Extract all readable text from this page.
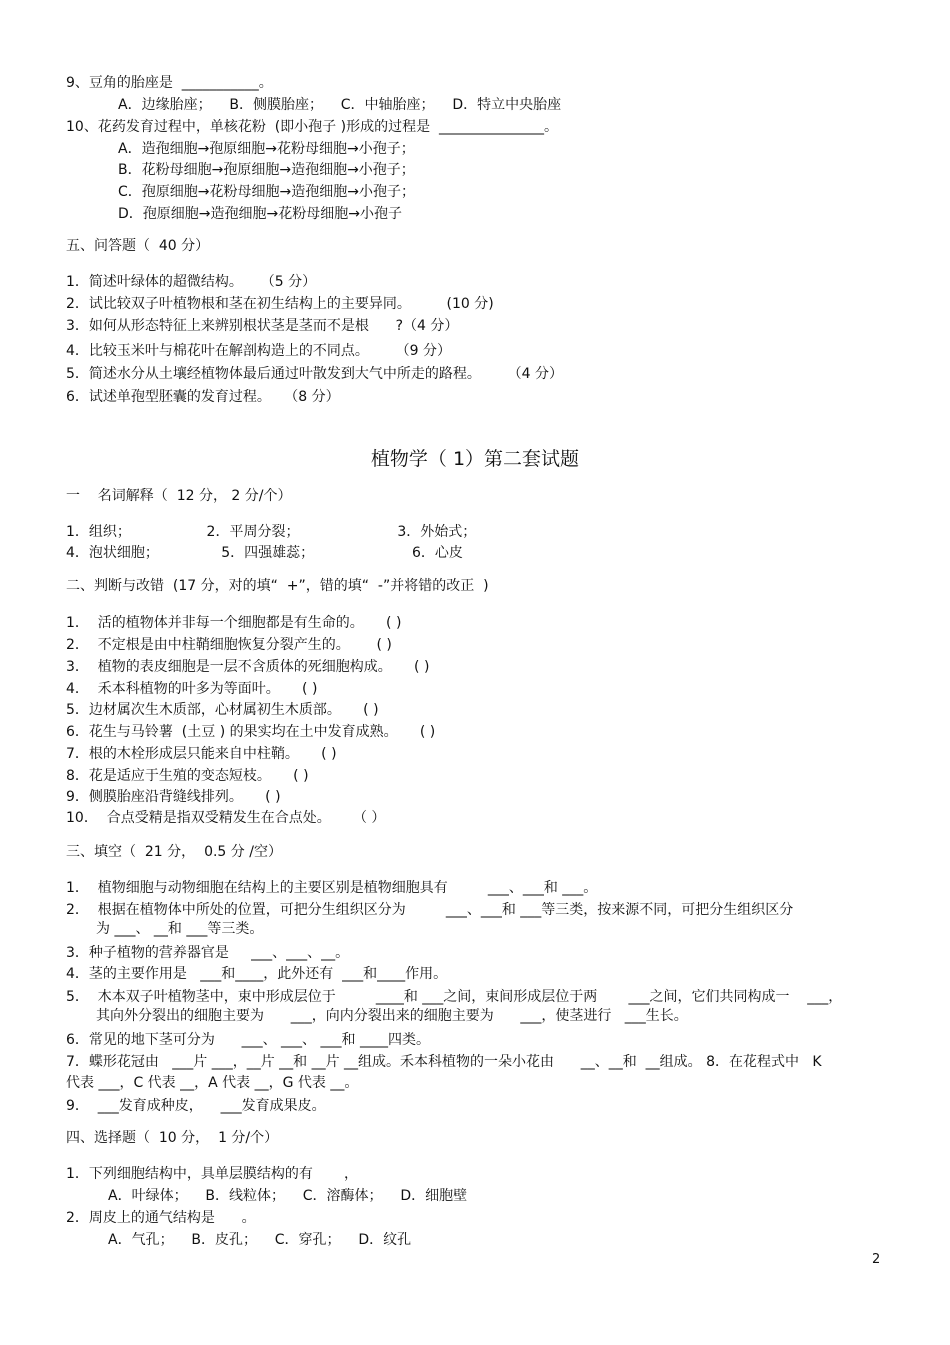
9、豆角的胎座是  ___________。
A．边缘胎座；    B．侧膜胎座；    C．中轴胎座；    D．特立中央胎座
10、花药发育过程中，单核花粉  (即小孢子 )形成的过程是  _______________。
A．造孢细胞→孢原细胞→花粉母细胞→小孢子；
B．花粉母细胞→孢原细胞→造孢细胞→小孢子；
C．孢原细胞→花粉母细胞→造孢细胞→小孢子；
D．孢原细胞→造孢细胞→花粉母细胞→小孢子
五、问答题（  40 分）
1．简述叶绿体的超微结构。    （5 分）
2．试比较双子叶植物根和茎在初生结构上的主要异同。        (10 分)
3．如何从形态特征上来辨别根状茎是茎而不是根      ?（4 分）
4．比较玉米叶与棉花叶在解剖构造上的不同点。      （9 分）
5．简述水分从土壤经植物体最后通过叶散发到大气中所走的路程。      （4 分）
6．试述单孢型胚囊的发育过程。   （8 分）
植物学（ 1）第二套试题
一    名词解释（  12 分， 2 分/个）
1．组织；                 2．平周分裂；                      3．外始式；
4．泡状细胞；              5．四强雄蕊；                      6．心皮
二、判断与改错  (17 分，对的填“  +”，错的填“  -”并将错的改正  )
1．  活的植物体并非每一个细胞都是有生命的。     ( )
2．  不定根是由中柱鞘细胞恢复分裂产生的。      ( )
3．  植物的表皮细胞是一层不含质体的死细胞构成。     ( )
4．  禾本科植物的叶多为等面叶。     ( )
5．边材属次生木质部，心材属初生木质部。     ( )
6．花生与马铃薯  (土豆 ) 的果实均在土中发育成熟。     ( )
7．根的木栓形成层只能来自中柱鞘。     ( )
8．花是适应于生殖的变态短枝。     ( )
9．侧膜胎座沿背缝线排列。     ( )
10．  合点受精是指双受精发生在合点处。     （ ）
三、填空（  21 分，  0.5 分 /空）
1．  植物细胞与动物细胞在结构上的主要区别是植物细胞具有         ___、___和 ___。
2．  根据在植物体中所处的位置，可把分生组织区分为         ___、___和 ___等三类，按来源不同，可把分生组织区分
为 ___、 __和 ___等三类。
3．种子植物的营养器官是     ___、___、__。
4．茎的主要作用是   ___和____，此外还有  ___和____作用。
5．  木本双子叶植物茎中，束中形成层位于         ____和 ___之间，束间形成层位于两       ___之间，它们共同构成一    ___，
其向外分裂出的细胞主要为      ___，向内分裂出来的细胞主要为      ___，使茎进行   ___生长。
6．常见的地下茎可分为      ___、 ___、 ___和 ____四类。
7．蝶形花冠由   ___片 ___，__片 __和 __片 __组成。禾本科植物的一朵小花由      __、__和  __组成。 8．在花程式中   K
代表 ___，C 代表 __，A 代表 __，G 代表 __。
9．  ___发育成种皮，    ___发育成果皮。
四、选择题（  10 分，  1 分/个）
1．下列细胞结构中，具单层膜结构的有       ，
A．叶绿体；    B．线粒体；    C．溶酶体；    D．细胞壁
2．周皮上的通气结构是      。
A．气孔；    B．皮孔；    C．穿孔；    D．纹孔
2
